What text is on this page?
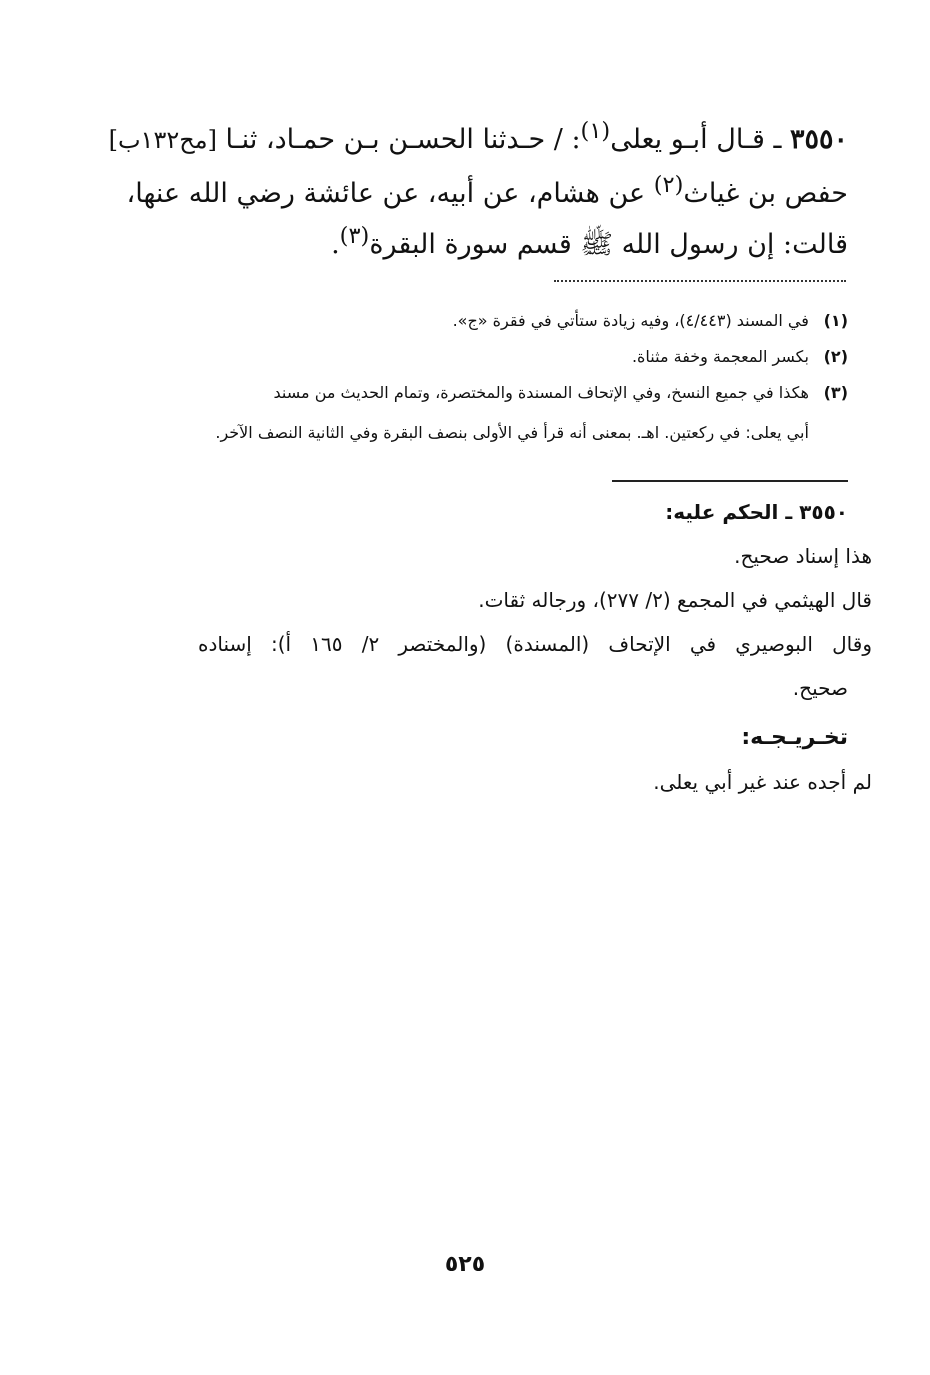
٣٥٥٠ ـ قـال أبـو يعلى$^{(١)}$: / حـدثنا الحسـن بـن حمـاد، ثنـا [مح١٣٢ب]
حفص بن غياث$^{(٢)}$ عن هشام، عن أبيه، عن عائشة رضي الله عنها،
قالت: إن رسول الله ﷺ قسم سورة البقرة$^{(٣)}$.
(١) في المسند (٤/٤٤٣)، وفيه زيادة ستأتي في فقرة «ج».
(٢) بكسر المعجمة وخفة مثناة.
(٣) هكذا في جميع النسخ، وفي الإتحاف المسندة والمختصرة، وتمام الحديث من مسند
أبي يعلى: في ركعتين. اهـ. بمعنى أنه قرأ في الأولى بنصف البقرة وفي الثانية النصف الآخر.
٣٥٥٠ ـ الحكم عليه:
هذا إسناد صحيح.
قال الهيثمي في المجمع (٢/ ٢٧٧)، ورجاله ثقات.
وقال البوصيري في الإتحاف (المسندة) (والمختصر ٢/ ١٦٥ أ): إسناده
صحيح.
تخـريـجـه:
لم أجده عند غير أبي يعلى.
٥٢٥
